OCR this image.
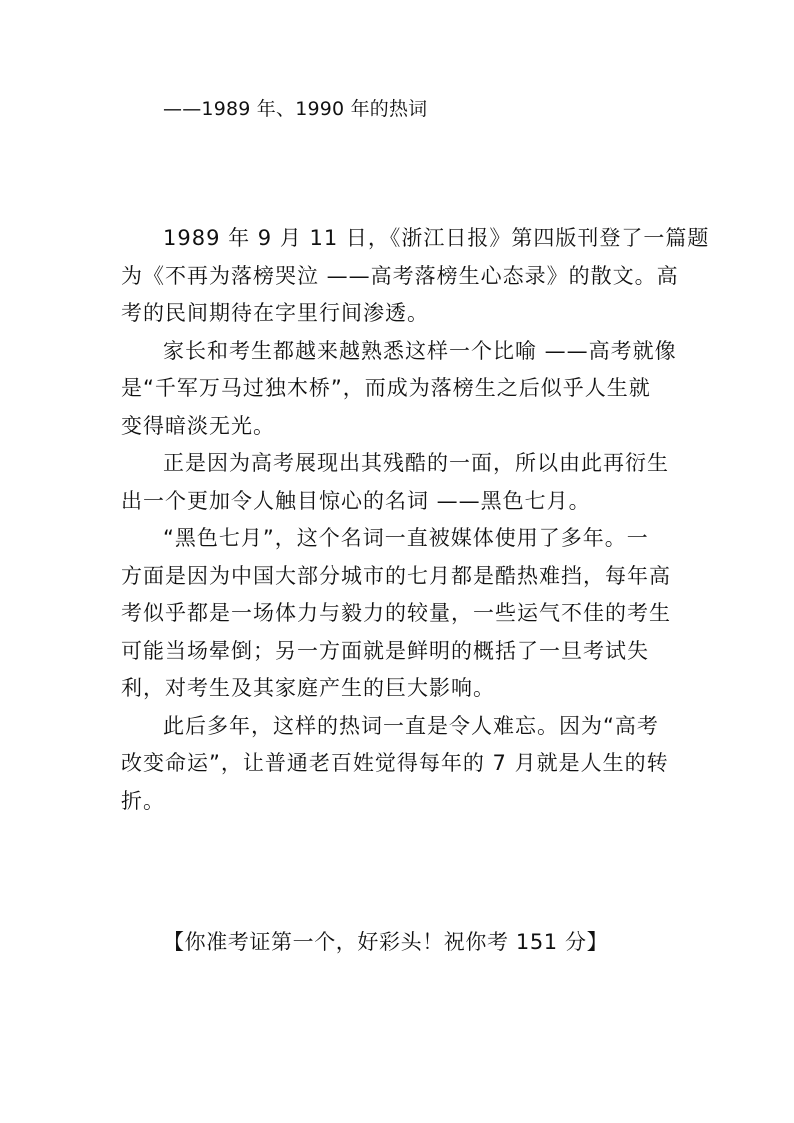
——1989 年、1990 年的热词

1989 年 9 月 11 日，《浙江日报》第四版刊登了一篇题
为《不再为落榜哭泣 ——高考落榜生心态录》的散文。高
考的民间期待在字里行间渗透。

家长和考生都越来越熟悉这样一个比喻 ——高考就像
是“千军万马过独木桥”，而成为落榜生之后似乎人生就
变得暗淡无光。

正是因为高考展现出其残酷的一面，所以由此再衍生
出一个更加令人触目惊心的名词 ——黑色七月。

“黑色七月”，这个名词一直被媒体使用了多年。一
方面是因为中国大部分城市的七月都是酷热难挡，每年高
考似乎都是一场体力与毅力的较量，一些运气不佳的考生
可能当场晕倒；另一方面就是鲜明的概括了一旦考试失
利，对考生及其家庭产生的巨大影响。

此后多年，这样的热词一直是令人难忘。因为“高考
改变命运”，让普通老百姓觉得每年的 7 月就是人生的转
折。

【你准考证第一个，好彩头！祝你考 151 分】
